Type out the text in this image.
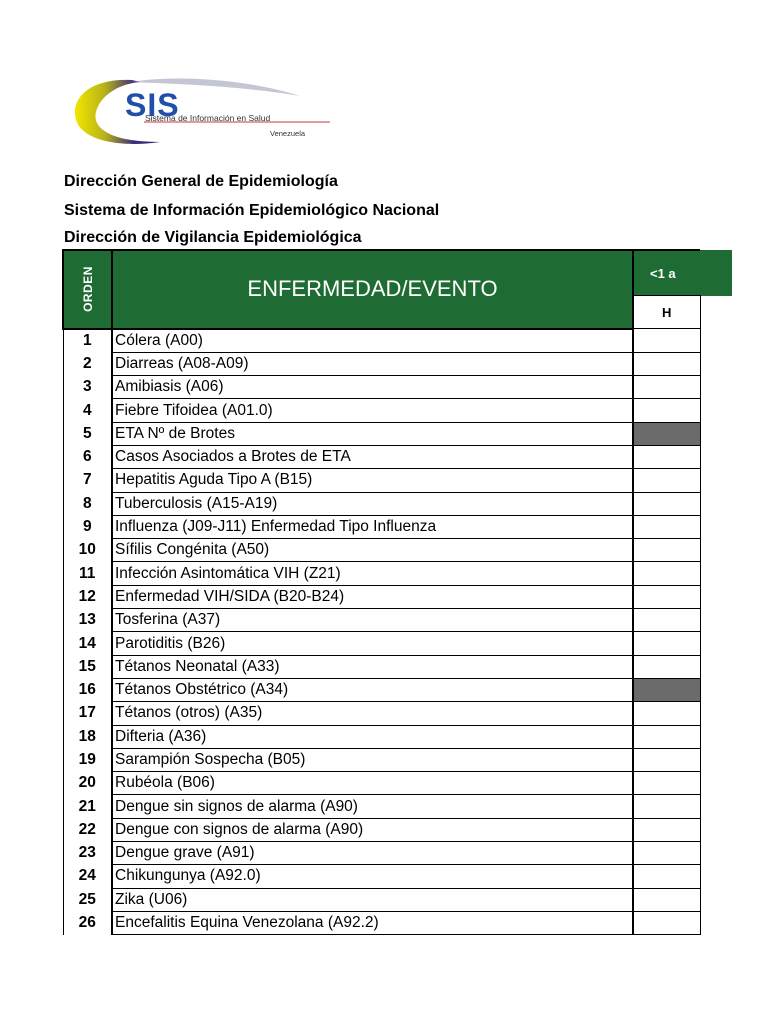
SIS
Sistema de Información en Salud
Venezuela
Dirección General de Epidemiología
Sistema de Información Epidemiológico Nacional
Dirección de Vigilancia Epidemiológica
ORDEN	ENFERMEDAD/EVENTO	<1 a
		H
1	Cólera (A00)	
2	Diarreas (A08-A09)	
3	Amibiasis (A06)	
4	Fiebre Tifoidea (A01.0)	
5	ETA Nº de Brotes	
6	Casos Asociados a Brotes de ETA	
7	Hepatitis Aguda Tipo A (B15)	
8	Tuberculosis (A15-A19)	
9	Influenza (J09-J11) Enfermedad Tipo Influenza	
10	Sífilis Congénita (A50)	
11	Infección Asintomática VIH (Z21)	
12	Enfermedad VIH/SIDA (B20-B24)	
13	Tosferina (A37)	
14	Parotiditis (B26)	
15	Tétanos Neonatal (A33)	
16	Tétanos Obstétrico (A34)	
17	Tétanos (otros) (A35)	
18	Difteria (A36)	
19	Sarampión Sospecha (B05)	
20	Rubéola (B06)	
21	Dengue sin signos de alarma (A90)	
22	Dengue con signos de alarma (A90)	
23	Dengue grave (A91)	
24	Chikungunya (A92.0)	
25	Zika (U06)	
26	Encefalitis Equina Venezolana (A92.2)	
